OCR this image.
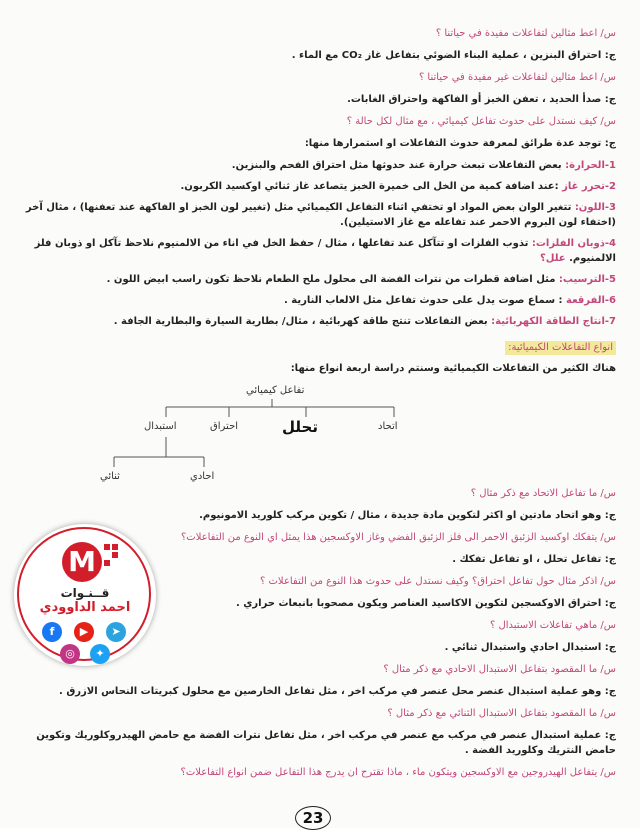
س/ اعط مثالين لتفاعلات مفيدة في حياتنا ؟
ج: احتراق البنزين ، عملية البناء الضوئي بتفاعل غاز CO₂ مع الماء .
س/ اعط مثالين لتفاعلات غير مفيدة في حياتنا ؟
ج: صدأ الحديد ، تعفن الخبز أو الفاكهة واحتراق الغابات.
س/ كيف نستدل على حدوث تفاعل كيميائي ، مع مثال لكل حالة ؟
ج: توجد عدة طرائق لمعرفة حدوث التفاعلات او استمرارها منها:
1-الحرارة: بعض التفاعلات تبعث حرارة عند حدوثها مثل احتراق الفحم والبنزين.
2-تحرر غاز :عند اضافة كمية من الخل الى خميرة الخبز يتصاعد غاز ثنائي اوكسيد الكربون.
3-اللون: تتغير الوان بعض المواد او تختفي اثناء التفاعل الكيميائي مثل (تغيير لون الخبز او الفاكهة عند تعفنها) ، مثال آخر (اختفاء لون البروم الاحمر عند تفاعله مع غاز الاستيلين).
4-ذوبان الفلزات: تذوب الفلزات او تتآكل عند تفاعلها ، مثال / حفظ الخل في اناء من الالمنيوم نلاحظ تآكل او ذوبان فلز الالمنيوم. علل؟
5-الترسيب: مثل اضافة قطرات من نترات الفضة الى محلول ملح الطعام نلاحظ تكون راسب ابيض اللون .
6-الفرقعة : سماع صوت يدل على حدوث تفاعل مثل الالعاب النارية .
7-انتاج الطاقة الكهربائية: بعض التفاعلات تنتج طاقة كهربائية ، مثال/ بطارية السيارة والبطارية الجافة .
انواع التفاعلات الكيميائية:
هناك الكثير من التفاعلات الكيميائية وسنتم دراسة اربعة انواع منها:
تفاعل كيميائي
اتحاد
تحلل
احتراق
استبدال
احادي
ثنائي
س/ ما تفاعل الاتحاد مع ذكر مثال ؟
ج: وهو اتحاد مادتين او اكثر لتكوين مادة جديدة ، مثال / تكوين مركب كلوريد الامونيوم.
س/ يتفكك اوكسيد الزئبق الاحمر الى فلز الزئبق الفضي وغاز الاوكسجين هذا يمثل اي النوع من التفاعلات؟
ج: تفاعل تحلل ، او تفاعل تفكك .
س/ اذكر مثال حول تفاعل احتراق؟ وكيف نستدل على حدوث هذا النوع من التفاعلات ؟
ج: احتراق الاوكسجين لتكوين الاكاسيد العناصر ويكون مصحوبا بانبعاث حراري .
س/ ماهي تفاعلات الاستبدال ؟
ج: استبدال احادي واستبدال ثنائي .
س/ ما المقصود بتفاعل الاستبدال الاحادي مع ذكر مثال ؟
ج: وهو عملية استبدال عنصر محل عنصر في مركب اخر ، مثل تفاعل الخارصين مع محلول كبريتات النحاس الازرق .
س/ ما المقصود بتفاعل الاستبدال الثنائي مع ذكر مثال ؟
ج: عملية استبدال عنصر في مركب مع عنصر في مركب اخر ، مثل تفاعل نترات الفضة مع حامض الهيدروكلوريك وتكوين حامض النتريك وكلوريد الفضة .
س/ يتفاعل الهيدروجين مع الاوكسجين ويتكون ماء ، ماذا تقترح ان يدرج هذا التفاعل ضمن انواع التفاعلات؟
23
M
قــنـوات
احمد الداوودي
f	▶	➤
◎	✦
